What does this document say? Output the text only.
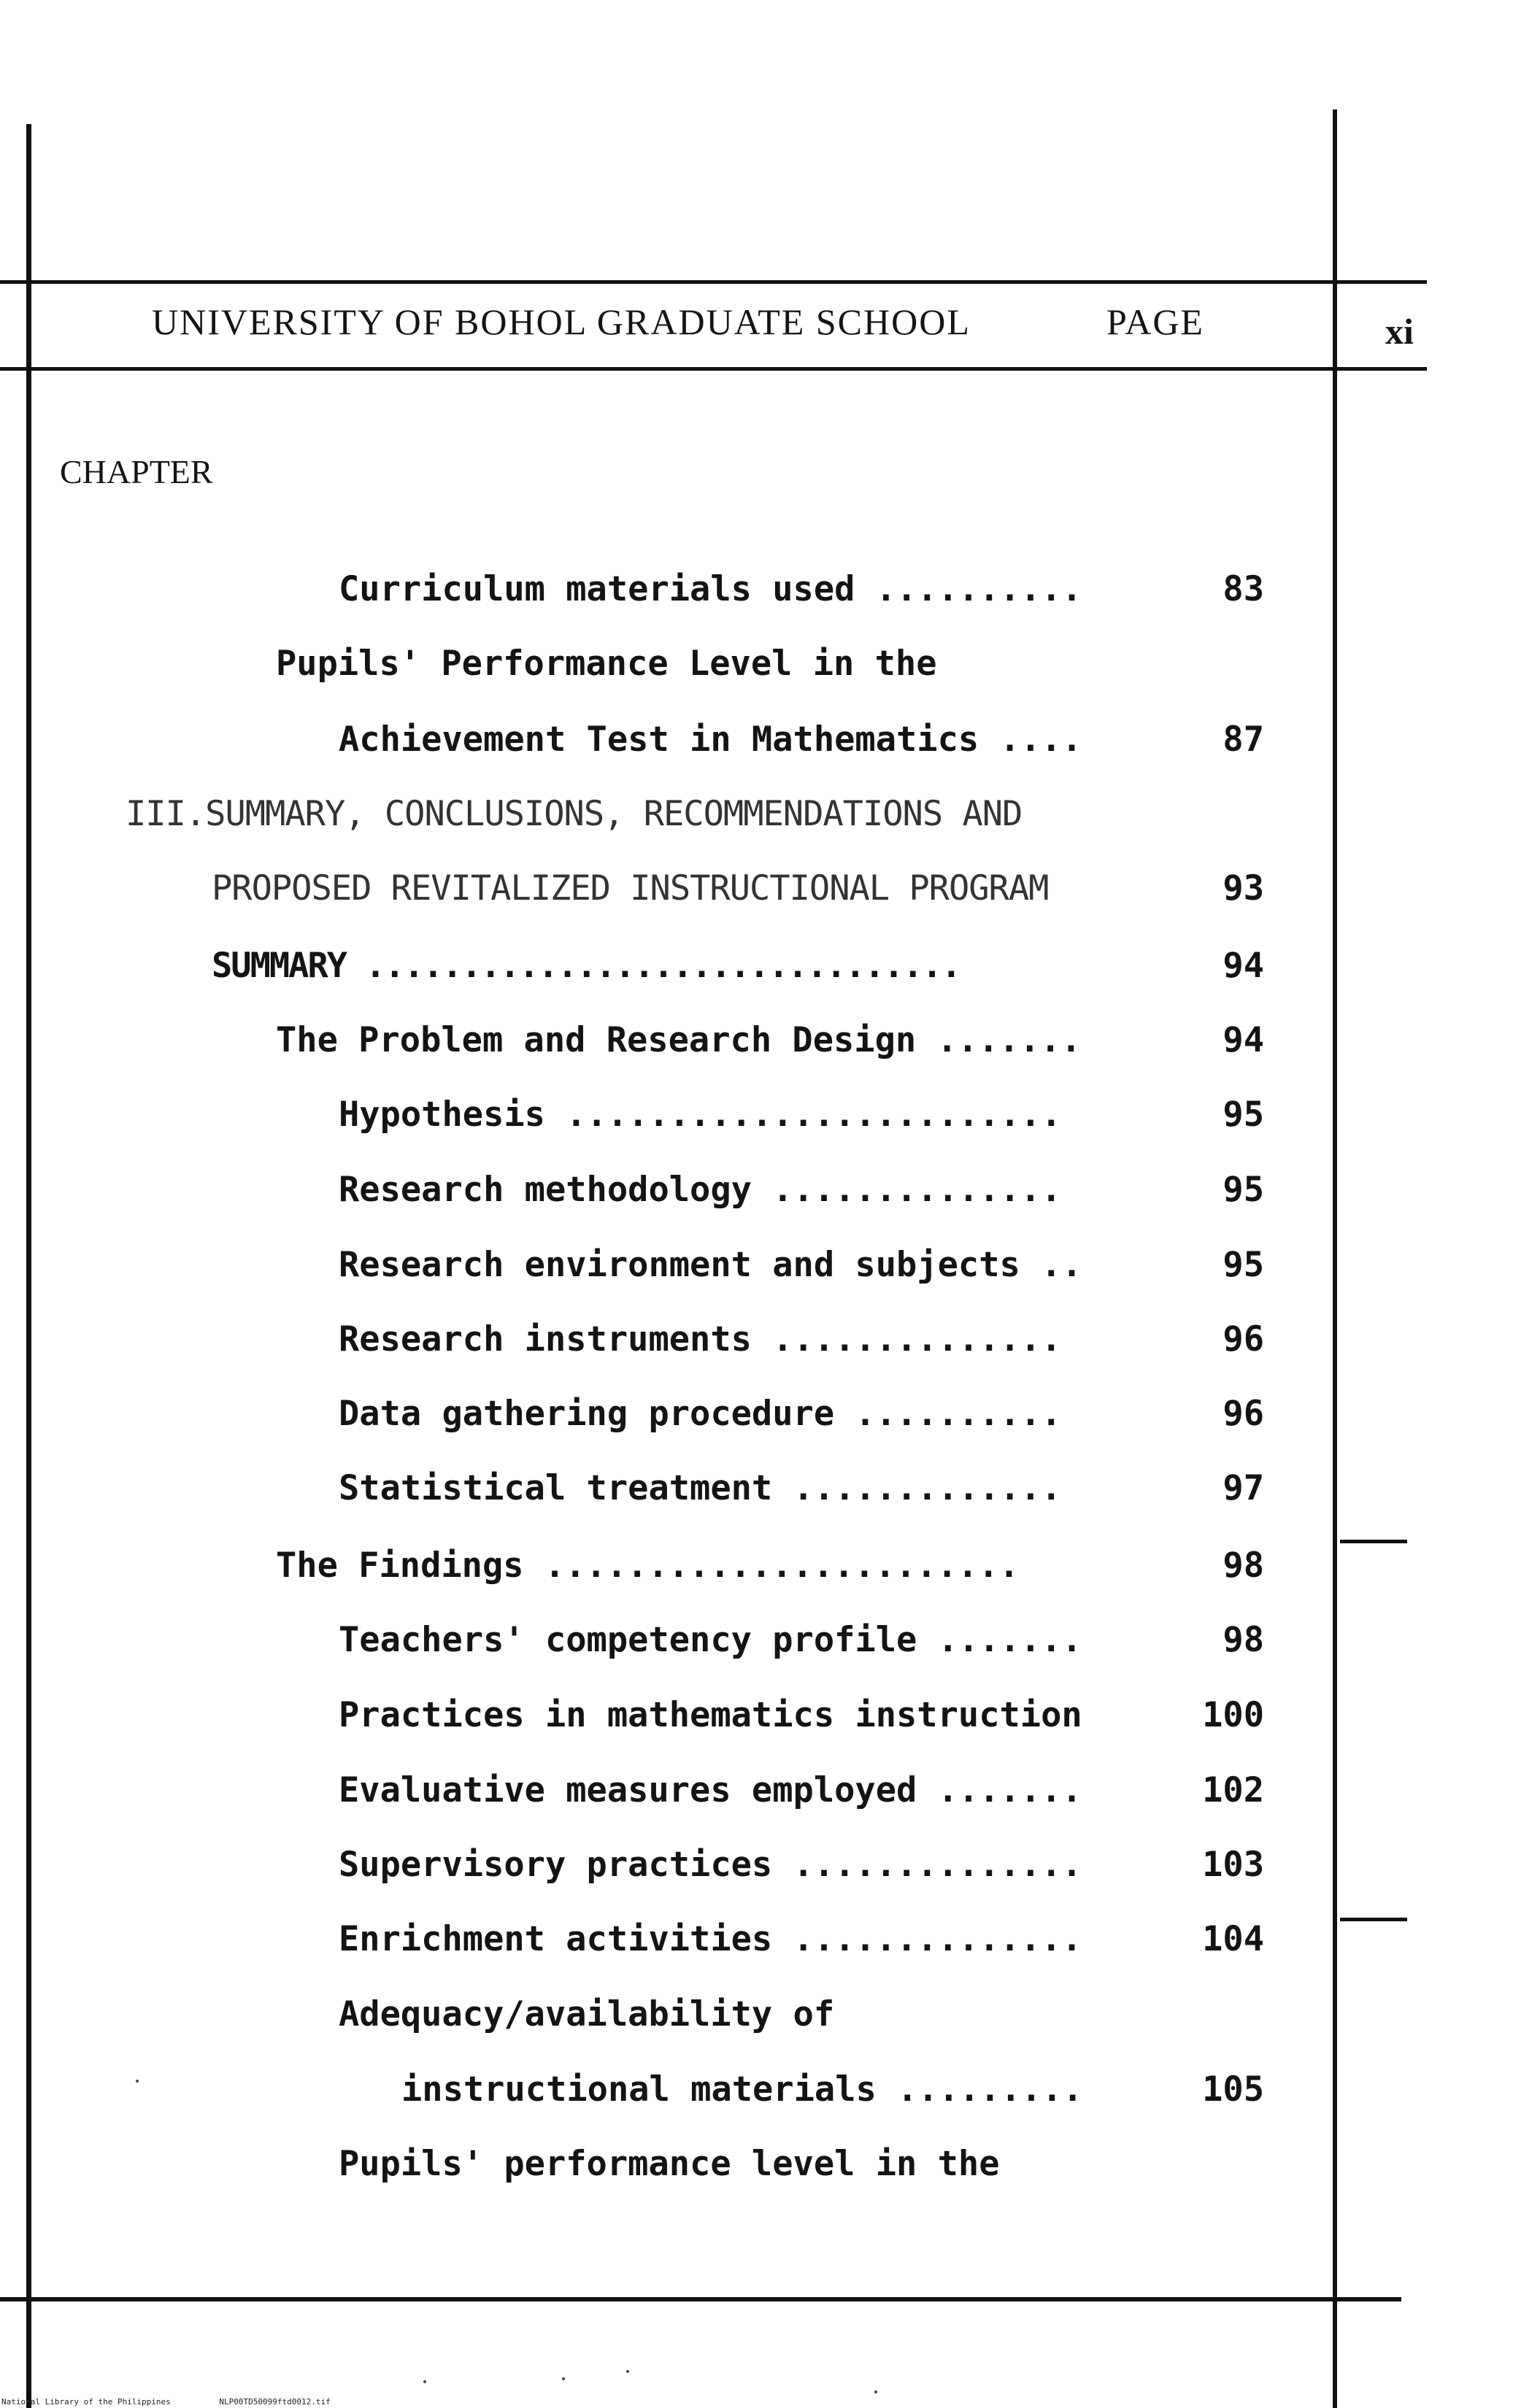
UNIVERSITY OF BOHOL GRADUATE SCHOOL	PAGE	xi
CHAPTER
Curriculum materials used ..........	83
Pupils' Performance Level in the
Achievement Test in Mathematics ....	87
III.SUMMARY, CONCLUSIONS, RECOMMENDATIONS AND
PROPOSED REVITALIZED INSTRUCTIONAL PROGRAM	93
SUMMARY ...............................	94
The Problem and Research Design .......	94
Hypothesis ........................	95
Research methodology ..............	95
Research environment and subjects ..	95
Research instruments ..............	96
Data gathering procedure ..........	96
Statistical treatment .............	97
The Findings .......................	98
Teachers' competency profile .......	98
Practices in mathematics instruction	100
Evaluative measures employed .......	102
Supervisory practices ..............	103
Enrichment activities ..............	104
Adequacy/availability of
instructional materials .........	105
Pupils' performance level in the
National Library of the Philippines	NLP00TD50099ftd0012.tif
